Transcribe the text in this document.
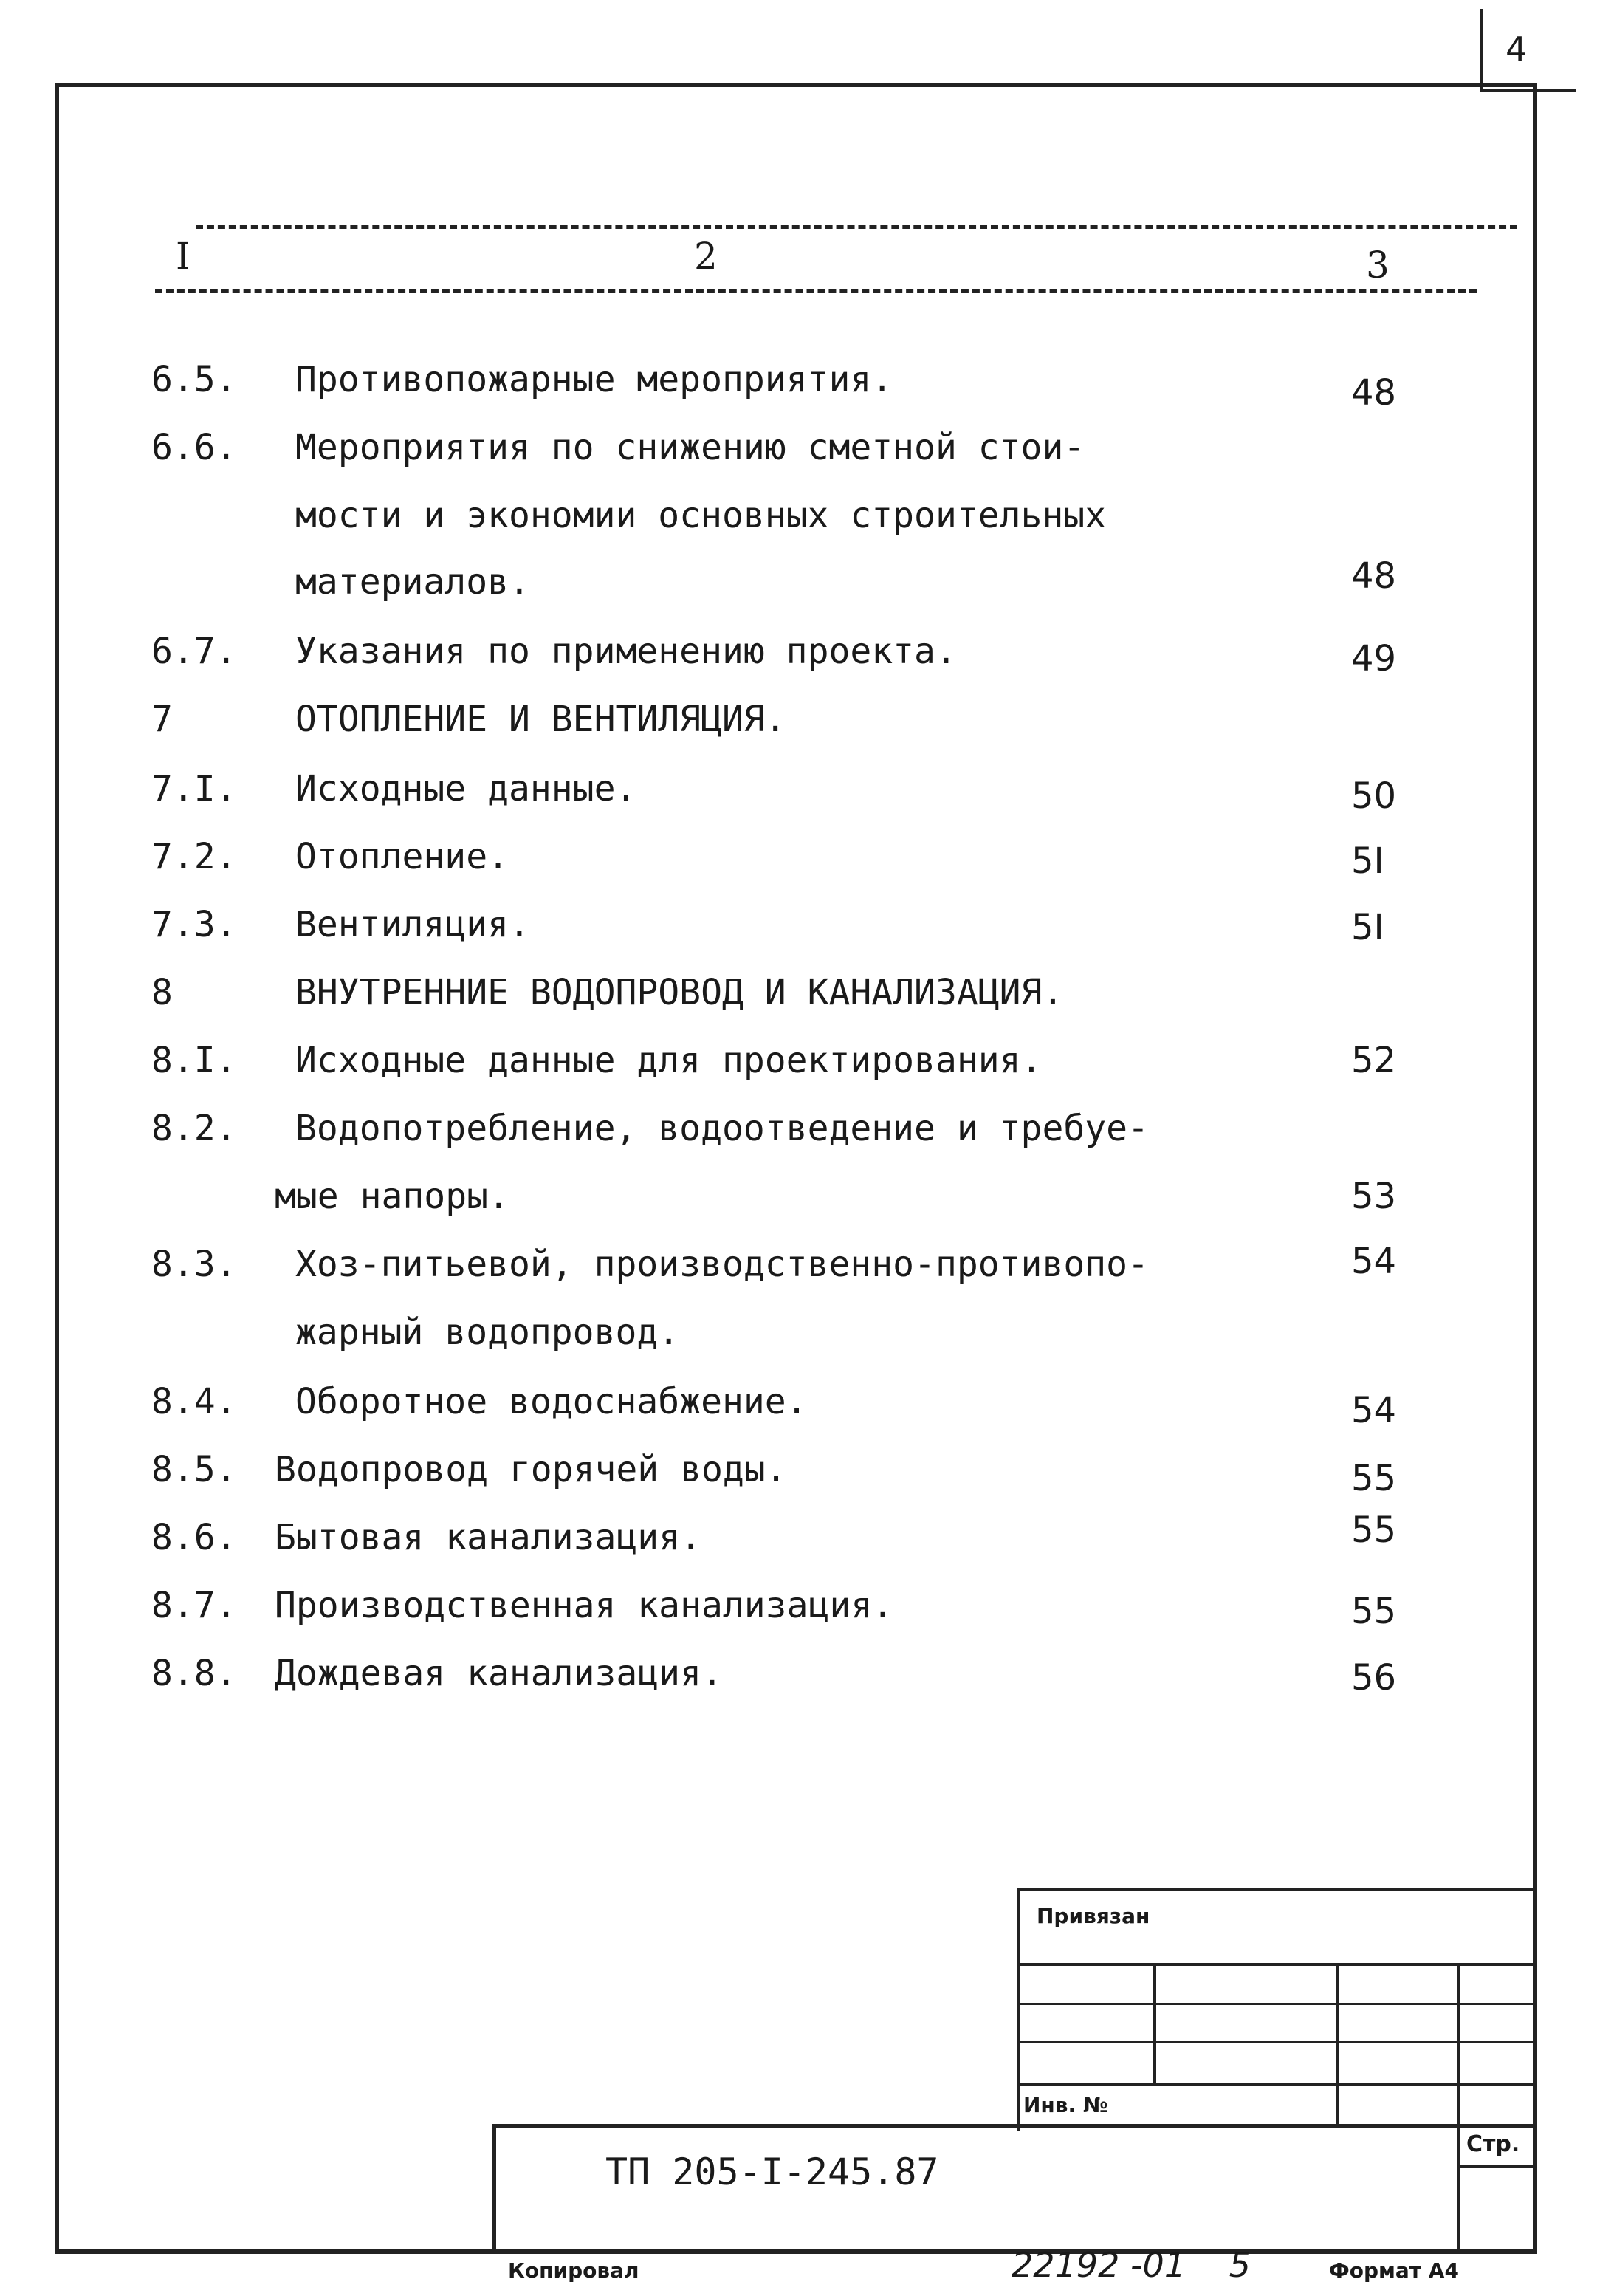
4
I	2	3
6.5. Противопожарные мероприятия.	48
6.6. Мероприятия по снижению сметной стои-
мости и экономии основных строительных
материалов.	48
6.7. Указания по применению проекта.	49
7	ОТОПЛЕНИЕ И ВЕНТИЛЯЦИЯ.
7.I. Исходные данные.	50
7.2. Отопление.	5I
7.3. Вентиляция.	5I
8	ВНУТРЕННИЕ ВОДОПРОВОД И КАНАЛИЗАЦИЯ.
8.I. Исходные данные для проектирования.	52
8.2. Водопотребление, водоотведение и требуе-
мые напоры.	53
8.3. Хоз-питьевой, производственно-противопо-	54
жарный водопровод.
8.4. Оборотное водоснабжение.	54
8.5. Водопровод горячей воды.	55
8.6. Бытовая канализация.	55
8.7. Производственная канализация.	55
8.8. Дождевая канализация.	56
Привязан
Инв. №
Стр.
ТП 205-I-245.87
Копировал	22192 -01    5	Формат А4
